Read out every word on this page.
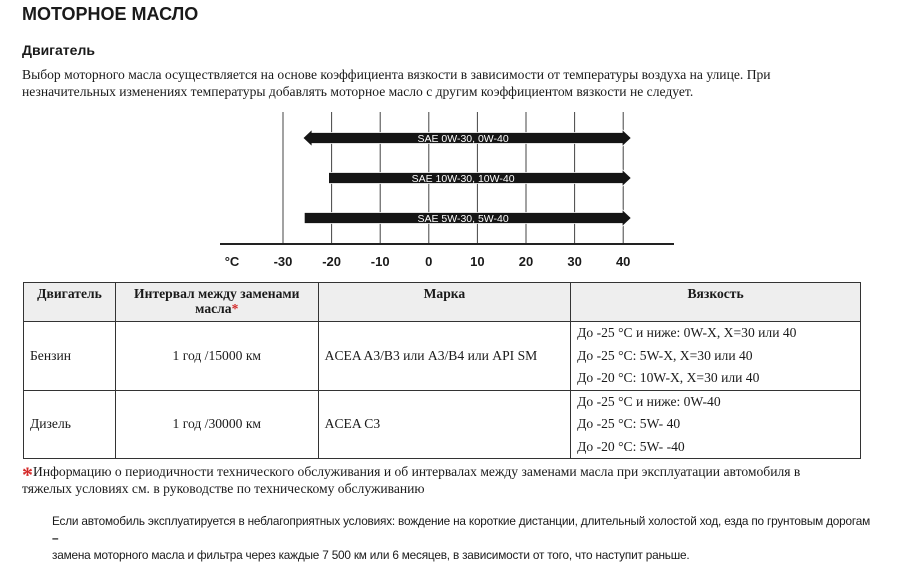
МОТОРНОЕ МАСЛО
Двигатель
Выбор моторного масла осуществляется на основе коэффициента вязкости в зависимости от температуры воздуха на улице. При
незначительных изменениях температуры добавлять моторное масло с другим коэффициентом вязкости не следует.
-30 -20 -10	0	10	20	30	40
°C
SAE 0W-30, 0W-40
SAE 10W-30, 10W-40
SAE 5W-30, 5W-40
Двигатель	Интервал между заменами масла*	Марка	Вязкость
Бензин	1 год /15000 км	ACEA A3/B3 или A3/B4 или API SM	До -25 °C и ниже: 0W-X, X=30 или 40
До -25 °C: 5W-X, X=30 или 40
До -20 °C: 10W-X, X=30 или 40

Дизель	1 год /30000 км	ACEA C3	До -25 °C и ниже: 0W-40
До -25 °C: 5W- 40
До -20 °C: 5W- -40
*Информацию о периодичности технического обслуживания и об интервалах между заменами масла при эксплуатации автомобиля в
тяжелых условиях см. в руководстве по техническому обслуживанию
Если автомобиль эксплуатируется в неблагоприятных условиях: вождение на короткие дистанции, длительный холостой ход, езда по грунтовым дорогам
–
замена моторного масла и фильтра через каждые 7 500 км или 6 месяцев, в зависимости от того, что наступит раньше.
